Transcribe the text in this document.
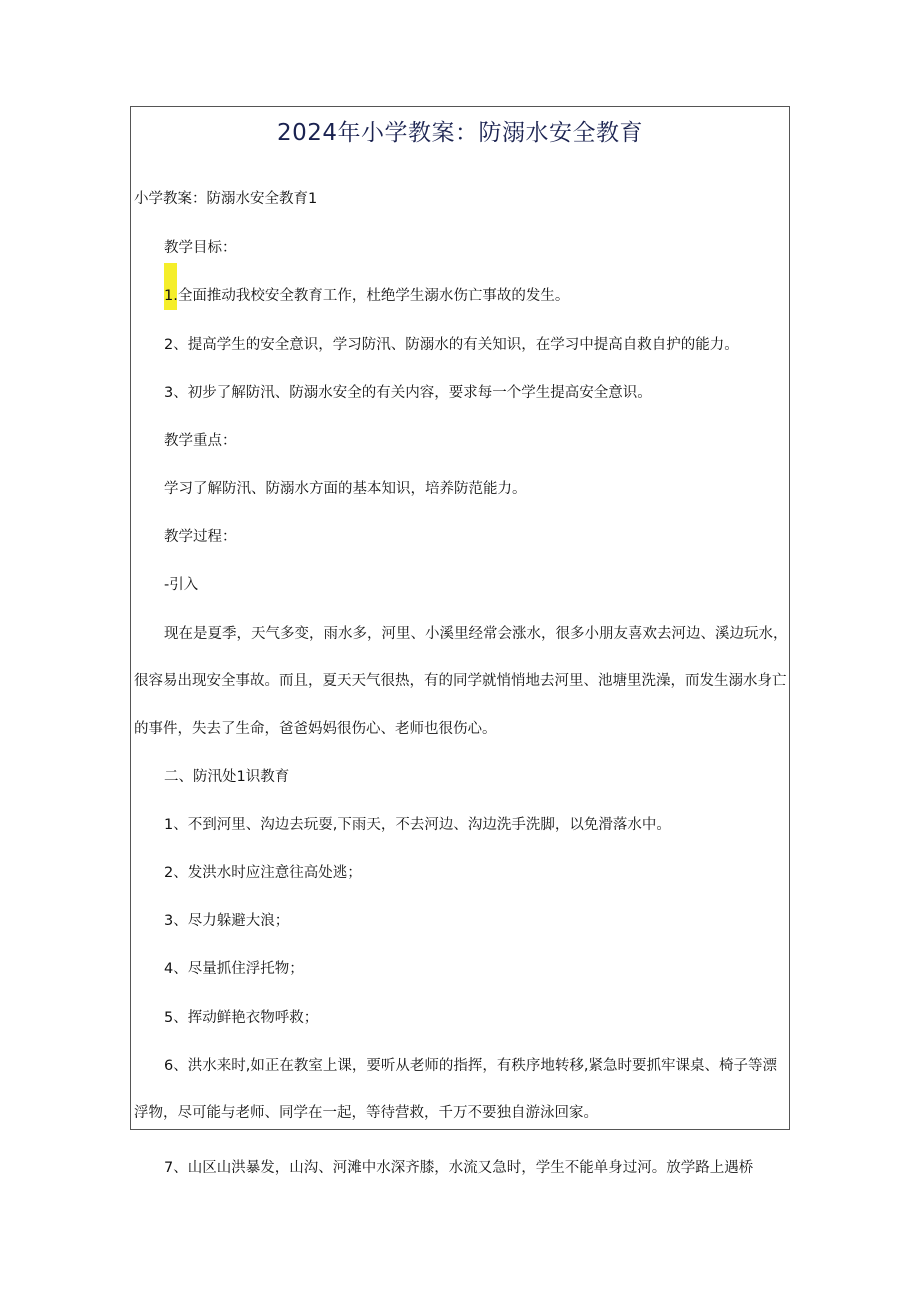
2024年小学教案：防溺水安全教育
小学教案：防溺水安全教育1
教学目标：
1.全面推动我校安全教育工作，杜绝学生溺水伤亡事故的发生。
2、提高学生的安全意识，学习防汛、防溺水的有关知识，在学习中提高自救自护的能力。
3、初步了解防汛、防溺水安全的有关内容，要求每一个学生提高安全意识。
教学重点：
学习了解防汛、防溺水方面的基本知识，培养防范能力。
教学过程：
-引入
现在是夏季，天气多变，雨水多，河里、小溪里经常会涨水，很多小朋友喜欢去河边、溪边玩水，
很容易出现安全事故。而且，夏天天气很热，有的同学就悄悄地去河里、池塘里洗澡，而发生溺水身亡
的事件，失去了生命，爸爸妈妈很伤心、老师也很伤心。
二、防汛处1识教育
1、不到河里、沟边去玩耍,下雨天，不去河边、沟边洗手洗脚，以免滑落水中。
2、发洪水时应注意往高处逃；
3、尽力躲避大浪；
4、尽量抓住浮托物；
5、挥动鲜艳衣物呼救；
6、洪水来时,如正在教室上课，要听从老师的指挥，有秩序地转移,紧急时要抓牢课桌、椅子等漂
浮物，尽可能与老师、同学在一起，等待营救，千万不要独自游泳回家。
7、山区山洪暴发，山沟、河滩中水深齐膝，水流又急时，学生不能单身过河。放学路上遇桥
